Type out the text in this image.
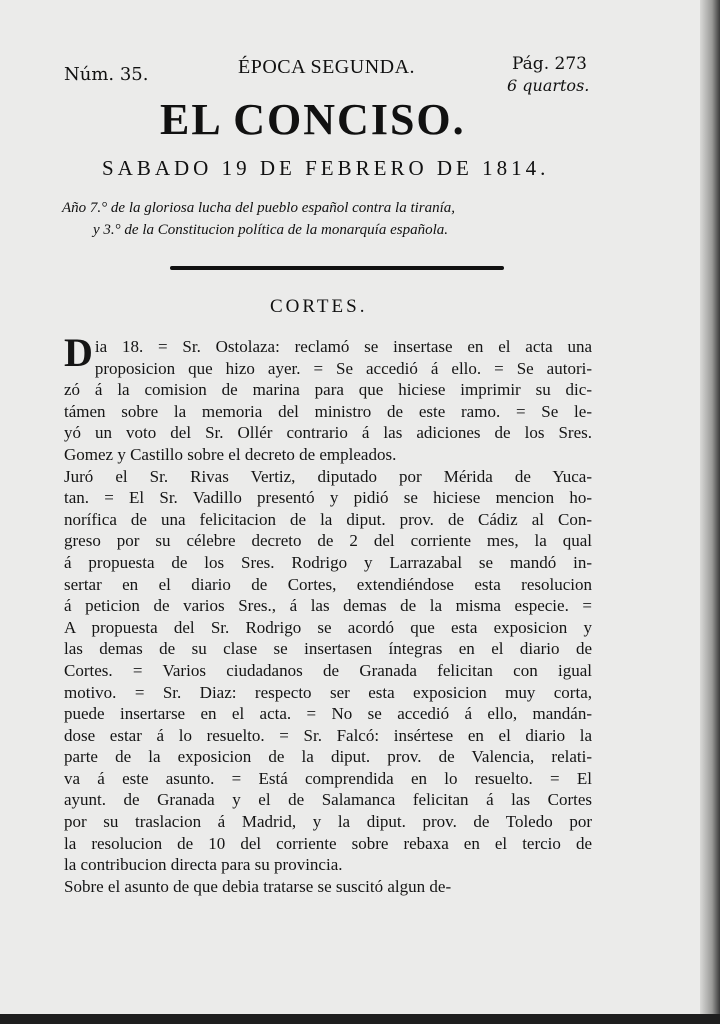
Núm. 35.	ÉPOCA SEGUNDA.	Pág. 273
6 quartos.
EL CONCISO.
SABADO 19 DE FEBRERO DE 1814.
Año 7.° de la gloriosa lucha del pueblo español contra la tiranía,
y 3.° de la Constitucion política de la monarquía española.
CORTES.
D ia 18. = Sr. Ostolaza: reclamó se insertase en el acta una
proposicion que hizo ayer. = Se accedió á ello. = Se autori-
zó á la comision de marina para que hiciese imprimir su dic-
támen sobre la memoria del ministro de este ramo. = Se le-
yó un voto del Sr. Ollér contrario á las adiciones de los Sres.
Gomez y Castillo sobre el decreto de empleados.
Juró el Sr. Rivas Vertiz, diputado por Mérida de Yuca-
tan. = El Sr. Vadillo presentó y pidió se hiciese mencion ho-
norífica de una felicitacion de la diput. prov. de Cádiz al Con-
greso por su célebre decreto de 2 del corriente mes, la qual
á propuesta de los Sres. Rodrigo y Larrazabal se mandó in-
sertar en el diario de Cortes, extendiéndose esta resolucion
á peticion de varios Sres., á las demas de la misma especie. =
A propuesta del Sr. Rodrigo se acordó que esta exposicion y
las demas de su clase se insertasen íntegras en el diario de
Cortes. = Varios ciudadanos de Granada felicitan con igual
motivo. = Sr. Diaz: respecto ser esta exposicion muy corta,
puede insertarse en el acta. = No se accedió á ello, mandán-
dose estar á lo resuelto. = Sr. Falcó: insértese en el diario la
parte de la exposicion de la diput. prov. de Valencia, relati-
va á este asunto. = Está comprendida en lo resuelto. = El
ayunt. de Granada y el de Salamanca felicitan á las Cortes
por su traslacion á Madrid, y la diput. prov. de Toledo por
la resolucion de 10 del corriente sobre rebaxa en el tercio de
la contribucion directa para su provincia.
Sobre el asunto de que debia tratarse se suscitó algun de-
